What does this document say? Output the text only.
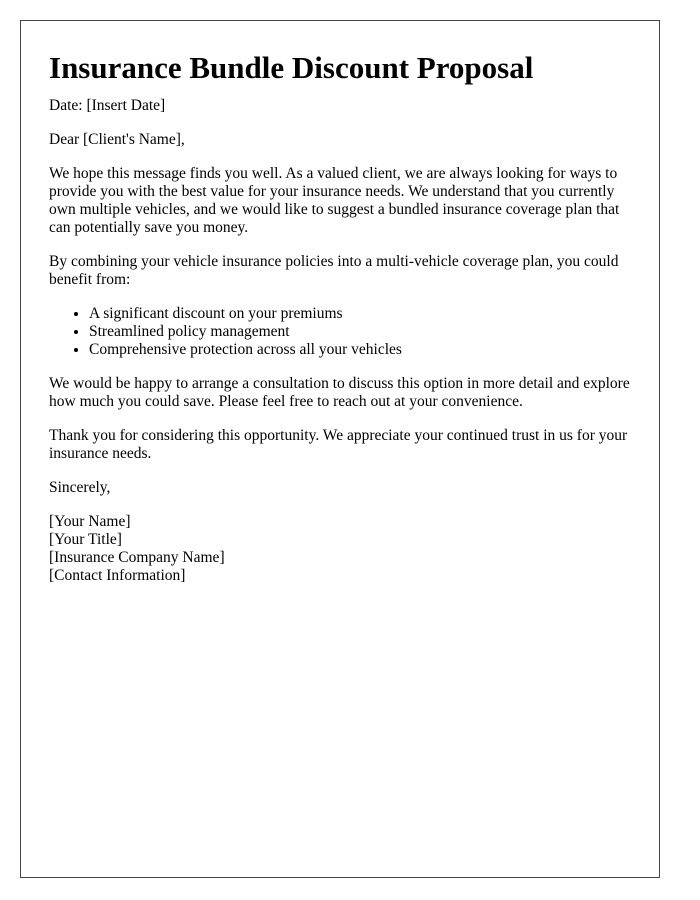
Insurance Bundle Discount Proposal

Date: [Insert Date]

Dear [Client's Name],

We hope this message finds you well. As a valued client, we are always looking for ways to provide you with the best value for your insurance needs. We understand that you currently own multiple vehicles, and we would like to suggest a bundled insurance coverage plan that can potentially save you money.

By combining your vehicle insurance policies into a multi-vehicle coverage plan, you could benefit from:

• A significant discount on your premiums
• Streamlined policy management
• Comprehensive protection across all your vehicles

We would be happy to arrange a consultation to discuss this option in more detail and explore how much you could save. Please feel free to reach out at your convenience.

Thank you for considering this opportunity. We appreciate your continued trust in us for your insurance needs.

Sincerely,

[Your Name]

[Your Title]

[Insurance Company Name]

[Contact Information]
